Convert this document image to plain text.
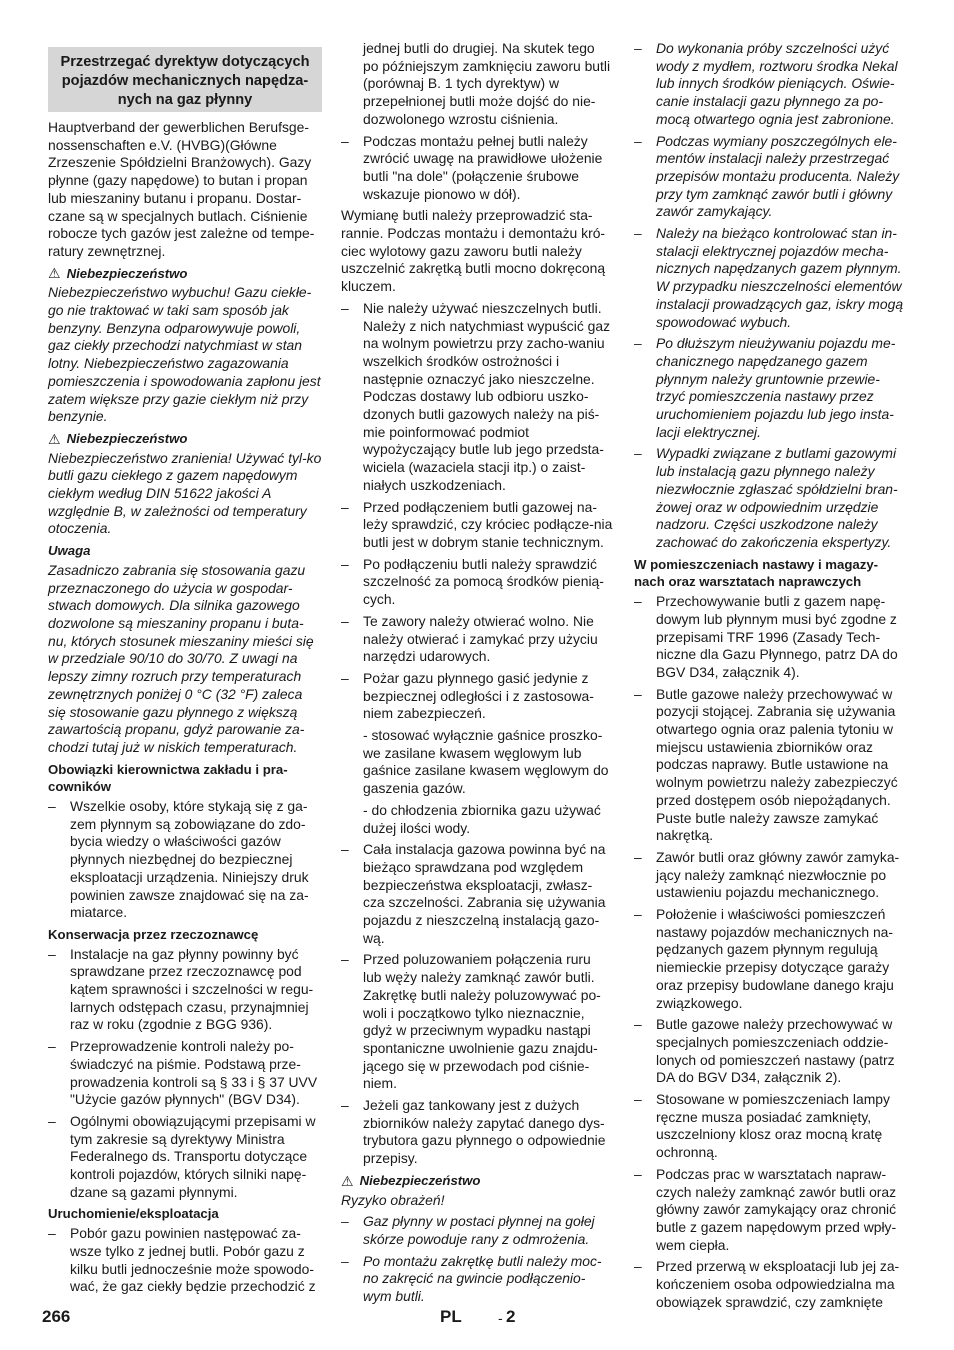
Przestrzegać dyrektyw dotyczących pojazdów mechanicznych napędza-nych na gaz płynny

Hauptverband der gewerblichen Berufsge-nossenschaften e.V. (HVBG)(Główne Zrzeszenie Spółdzielni Branżowych). Gazy płynne (gazy napędowe) to butan i propan lub mieszaniny butanu i propanu. Dostar-czane są w specjalnych butlach. Ciśnienie robocze tych gazów jest zależne od tempe-ratury zewnętrznej.

⚠ Niebezpieczeństwo

Niebezpieczeństwo wybuchu! Gazu ciekłe-go nie traktować w taki sam sposób jak benzyny. Benzyna odparowywuje powoli, gaz ciekły przechodzi natychmiast w stan lotny. Niebezpieczeństwo zagazowania pomieszczenia i spowodowania zapłonu jest zatem większe przy gazie ciekłym niż przy benzynie.

⚠ Niebezpieczeństwo

Niebezpieczeństwo zranienia! Używać tyl-ko butli gazu ciekłego z gazem napędowym ciekłym według DIN 51622 jakości A względnie B, w zależności od temperatury otoczenia.

Uwaga

Zasadniczo zabrania się stosowania gazu przeznaczonego do użycia w gospodar-stwach domowych. Dla silnika gazowego dozwolone są mieszaniny propanu i buta-nu, których stosunek mieszaniny mieści się w przedziale 90/10 do 30/70. Z uwagi na lepszy zimny rozruch przy temperaturach zewnętrznych poniżej 0 °C (32 °F) zaleca się stosowanie gazu płynnego z większą zawartością propanu, gdyż parowanie za-chodzi tutaj już w niskich temperaturach.

Obowiązki kierownictwa zakładu i pra-cowników
– Wszelkie osoby, które stykają się z ga-zem płynnym są zobowiązane do zdo-bycia wiedzy o właściwości gazów płynnych niezbędnej do bezpiecznej eksploatacji urządzenia. Niniejszy druk powinien zawsze znajdować się na za-miatarce.
Konserwacja przez rzeczoznawcę
– Instalacje na gaz płynny powinny być sprawdzane przez rzeczoznawcę pod kątem sprawności i szczelności w regu-larnych odstępach czasu, przynajmniej raz w roku (zgodnie z BGG 936).
– Przeprowadzenie kontroli należy po-świadczyć na piśmie. Podstawą prze-prowadzenia kontroli są § 33 i § 37 UVV "Użycie gazów płynnych" (BGV D34).
– Ogólnymi obowiązującymi przepisami w tym zakresie są dyrektywy Ministra Federalnego ds. Transportu dotyczące kontroli pojazdów, których silniki napę-dzane są gazami płynnymi.
Uruchomienie/eksploatacja
– Pobór gazu powinien następować za-wsze tylko z jednej butli. Pobór gazu z kilku butli jednocześnie może spowodo-wać, że gaz ciekły będzie przechodzić z
jednej butli do drugiej. Na skutek tego po późniejszym zamknięciu zaworu butli (porównaj B. 1 tych dyrektyw) w przepełnionej butli może dojść do nie-dozwolonego wzrostu ciśnienia.
– Podczas montażu pełnej butli należy zwrócić uwagę na prawidłowe ułożenie butli "na dole" (połączenie śrubowe wskazuje pionowo w dół).

Wymianę butli należy przeprowadzić sta-rannie. Podczas montażu i demontażu kró-ciec wylotowy gazu zaworu butli należy uszczelnić zakrętką butli mocno dokręconą kluczem.

– Nie należy używać nieszczelnych butli. Należy z nich natychmiast wypuścić gaz na wolnym powietrzu przy zacho-waniu wszelkich środków ostrożności i następnie oznaczyć jako nieszczelne. Podczas dostawy lub odbioru uszko-dzonych butli gazowych należy na piś-mie poinformować podmiot wypożyczający butle lub jego przedsta-wiciela (wazaciela stacji itp.) o zaist-niałych uszkodzeniach.
– Przed podłączeniem butli gazowej na-leży sprawdzić, czy króciec podłącze-nia butli jest w dobrym stanie technicznym.
– Po podłączeniu butli należy sprawdzić szczelność za pomocą środków pienią-cych.
– Te zawory należy otwierać wolno. Nie należy otwierać i zamykać przy użyciu narzędzi udarowych.
– Pożar gazu płynnego gasić jedynie z bezpiecznej odległości i z zastosowa-niem zabezpieczeń.
- stosować wyłącznie gaśnice proszko-we zasilane kwasem węglowym lub gaśnice zasilane kwasem węglowym do gaszenia gazów.
- do chłodzenia zbiornika gazu używać dużej ilości wody.
– Cała instalacja gazowa powinna być na bieżąco sprawdzana pod względem bezpieczeństwa eksploatacji, zwłasz-cza szczelności. Zabrania się używania pojazdu z nieszczelną instalacją gazo-wą.
– Przed poluzowaniem połączenia ruru lub węży należy zamknąć zawór butli. Zakrętkę butli należy poluzowywać po-woli i początkowo tylko nieznacznie, gdyż w przeciwnym wypadku nastąpi spontaniczne uwolnienie gazu znajdu-jącego się w przewodach pod ciśnie-niem.
– Jeżeli gaz tankowany jest z dużych zbiorników należy zapytać danego dys-trybutora gazu płynnego o odpowiednie przepisy.
⚠ Niebezpieczeństwo

Ryzyko obrażeń!

– Gaz płynny w postaci płynnej na gołej skórze powoduje rany z odmrożenia.
– Po montażu zakrętkę butli należy moc-no zakręcić na gwincie podłączenio-wym butli.
– Do wykonania próby szczelności użyć wody z mydłem, roztworu środka Nekal lub innych środków pieniących. Oświe-canie instalacji gazu płynnego za po-mocą otwartego ognia jest zabronione.
– Podczas wymiany poszczególnych ele-mentów instalacji należy przestrzegać przepisów montażu producenta. Należy przy tym zamknąć zawór butli i główny zawór zamykający.
– Należy na bieżąco kontrolować stan in-stalacji elektrycznej pojazdów mecha-nicznych napędzanych gazem płynnym. W przypadku nieszczelności elementów instalacji prowadzących gaz, iskry mogą spowodować wybuch.
– Po dłuższym nieużywaniu pojazdu me-chanicznego napędzanego gazem płynnym należy gruntownie przewie-trzyć pomieszczenia nastawy przez uruchomieniem pojazdu lub jego insta-lacji elektrycznej.
– Wypadki związane z butlami gazowymi lub instalacją gazu płynnego należy niezwłocznie zgłaszać spółdzielni bran-żowej oraz w odpowiednim urzędzie nadzoru. Części uszkodzone należy zachować do zakończenia ekspertyzy.
W pomieszczeniach nastawy i magazy-nach oraz warsztatach naprawczych
– Przechowywanie butli z gazem napę-dowym lub płynnym musi być zgodne z przepisami TRF 1996 (Zasady Tech-niczne dla Gazu Płynnego, patrz DA do BGV D34, załącznik 4).
– Butle gazowe należy przechowywać w pozycji stojącej. Zabrania się używania otwartego ognia oraz palenia tytoniu w miejscu ustawienia zbiorników oraz podczas naprawy. Butle ustawione na wolnym powietrzu należy zabezpieczyć przed dostępem osób niepożądanych. Puste butle należy zawsze zamykać nakrętką.
– Zawór butli oraz główny zawór zamyka-jący należy zamknąć niezwłocznie po ustawieniu pojazdu mechanicznego.
– Położenie i właściwości pomieszczeń nastawy pojazdów mechanicznych na-pędzanych gazem płynnym regulują niemieckie przepisy dotyczące garaży oraz przepisy budowlane danego kraju związkowego.
– Butle gazowe należy przechowywać w specjalnych pomieszczeniach oddzie-lonych od pomieszczeń nastawy (patrz DA do BGV D34, załącznik 2).
– Stosowane w pomieszczeniach lampy ręczne musza posiadać zamknięty, uszczelniony klosz oraz mocną kratę ochronną.
– Podczas prac w warsztatach napraw-czych należy zamknąć zawór butli oraz główny zawór zamykający oraz chronić butle z gazem napędowym przed wpły-wem ciepła.
– Przed przerwą w eksploatacji lub jej za-kończeniem osoba odpowiedzialna ma obowiązek sprawdzić, czy zamknięte
266	PL	- 2
